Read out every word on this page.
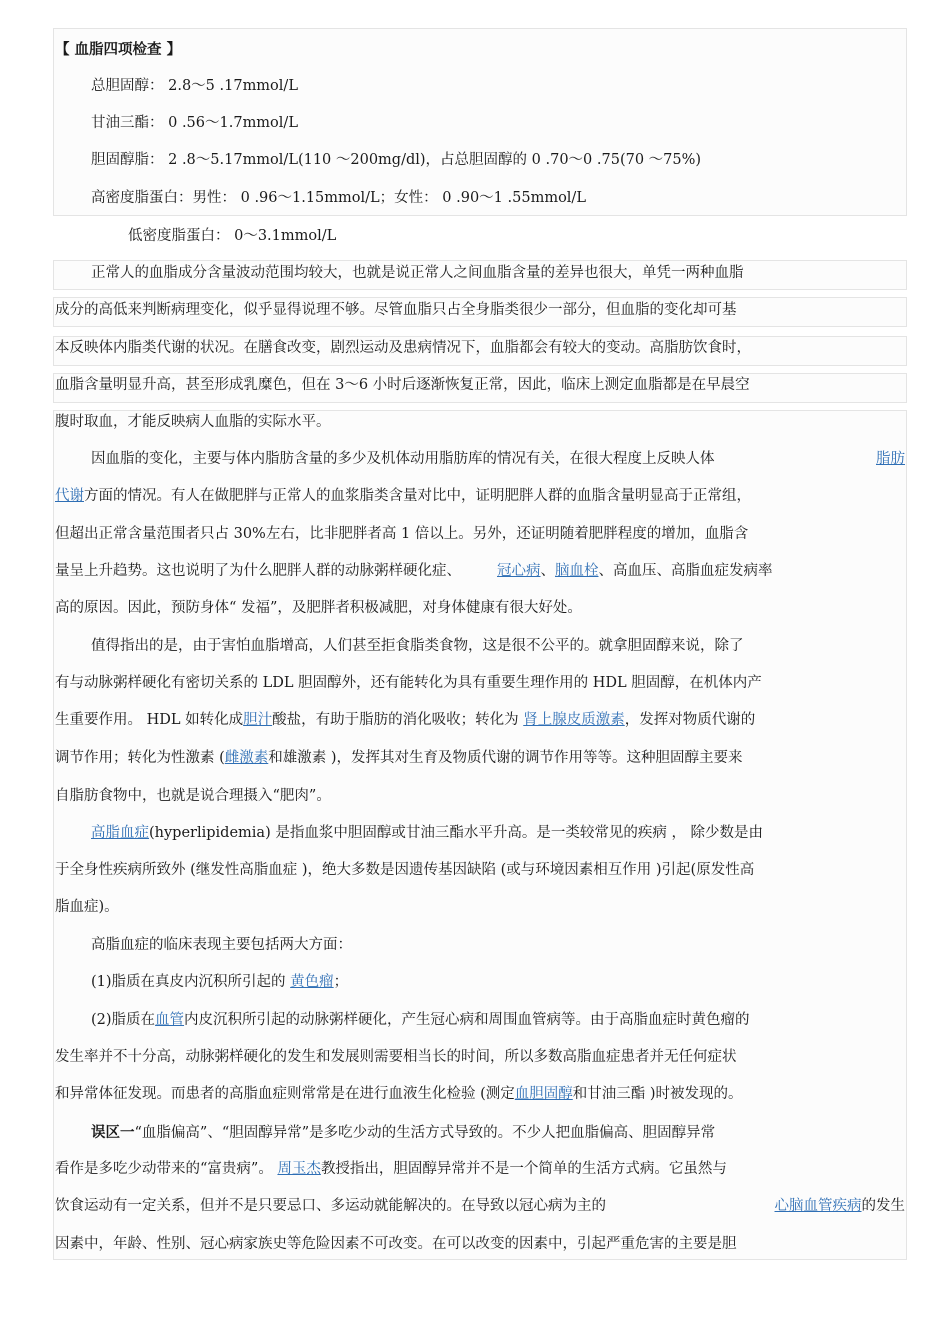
【 血脂四项检查 】
总胆固醇： 2.8～5 .17mmol/L
甘油三酯： 0 .56～1.7mmol/L
胆固醇脂： 2 .8～5.17mmol/L(110 ～200mg/dl)，占总胆固醇的 0 .70～0 .75(70 ～75%)
高密度脂蛋白：男性： 0 .96～1.15mmol/L；女性： 0 .90～1 .55mmol/L
低密度脂蛋白： 0～3.1mmol/L
正常人的血脂成分含量波动范围均较大，也就是说正常人之间血脂含量的差异也很大，单凭一两种血脂
成分的高低来判断病理变化，似乎显得说理不够。尽管血脂只占全身脂类很少一部分，但血脂的变化却可基
本反映体内脂类代谢的状况。在膳食改变，剧烈运动及患病情况下，血脂都会有较大的变动。高脂肪饮食时，
血脂含量明显升高，甚至形成乳糜色，但在 3～6 小时后逐渐恢复正常，因此，临床上测定血脂都是在早晨空
腹时取血，才能反映病人血脂的实际水平。
因血脂的变化，主要与体内脂肪含量的多少及机体动用脂肪库的情况有关，在很大程度上反映人体	脂肪
代谢方面的情况。有人在做肥胖与正常人的血浆脂类含量对比中，证明肥胖人群的血脂含量明显高于正常组，
但超出正常含量范围者只占 30%左右，比非肥胖者高 1 倍以上。另外，还证明随着肥胖程度的增加，血脂含
量呈上升趋势。这也说明了为什么肥胖人群的动脉粥样硬化症、 冠心病、脑血栓、高血压、高脂血症发病率
高的原因。因此，预防身体“ 发福”，及肥胖者积极减肥，对身体健康有很大好处。
值得指出的是，由于害怕血脂增高，人们甚至拒食脂类食物，这是很不公平的。就拿胆固醇来说，除了
有与动脉粥样硬化有密切关系的 LDL 胆固醇外，还有能转化为具有重要生理作用的 HDL 胆固醇，在机体内产
生重要作用。 HDL 如转化成胆汁酸盐，有助于脂肪的消化吸收；转化为 肾上腺皮质激素，发挥对物质代谢的
调节作用；转化为性激素 (雌激素和雄激素 )，发挥其对生育及物质代谢的调节作用等等。这种胆固醇主要来
自脂肪食物中，也就是说合理摄入“肥肉”。
高脂血症(hyperlipidemia) 是指血浆中胆固醇或甘油三酯水平升高。是一类较常见的疾病 ， 除少数是由
于全身性疾病所致外 (继发性高脂血症 )，绝大多数是因遗传基因缺陷 (或与环境因素相互作用 )引起(原发性高
脂血症)。
高脂血症的临床表现主要包括两大方面：
(1)脂质在真皮内沉积所引起的 黄色瘤；
(2)脂质在血管内皮沉积所引起的动脉粥样硬化，产生冠心病和周围血管病等。由于高脂血症时黄色瘤的
发生率并不十分高，动脉粥样硬化的发生和发展则需要相当长的时间，所以多数高脂血症患者并无任何症状
和异常体征发现。而患者的高脂血症则常常是在进行血液生化检验 (测定血胆固醇和甘油三酯 )时被发现的。
误区一“血脂偏高”、“胆固醇异常”是多吃少动的生活方式导致的。不少人把血脂偏高、胆固醇异常
看作是多吃少动带来的“富贵病”。 周玉杰教授指出，胆固醇异常并不是一个简单的生活方式病。它虽然与
饮食运动有一定关系，但并不是只要忌口、多运动就能解决的。在导致以冠心病为主的	心脑血管疾病的发生
因素中，年龄、性别、冠心病家族史等危险因素不可改变。在可以改变的因素中，引起严重危害的主要是胆
